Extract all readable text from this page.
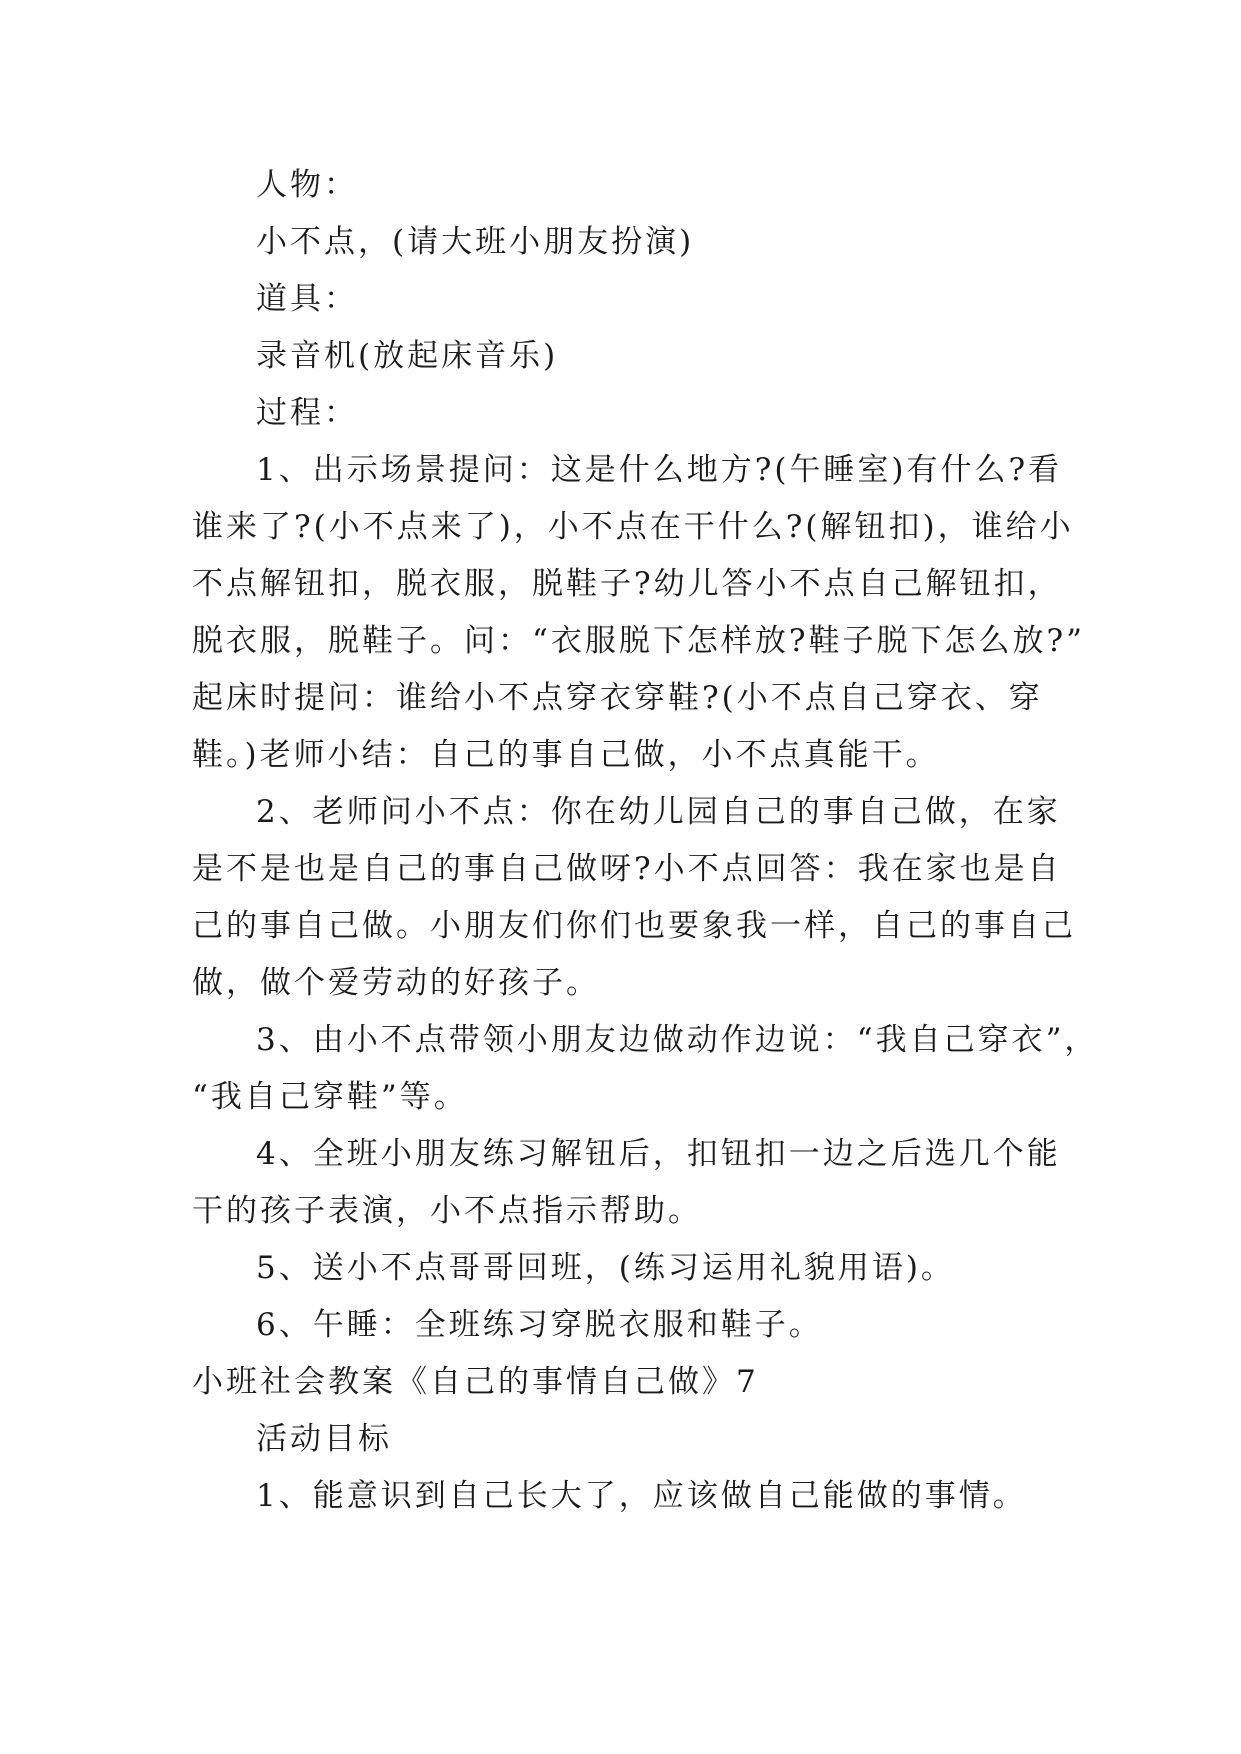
人物：
小不点，(请大班小朋友扮演)
道具：
录音机(放起床音乐)
过程：
1、出示场景提问：这是什么地方?(午睡室)有什么?看
谁来了?(小不点来了)，小不点在干什么?(解钮扣)，谁给小
不点解钮扣，脱衣服，脱鞋子?幼儿答小不点自己解钮扣，
脱衣服，脱鞋子。问：“衣服脱下怎样放?鞋子脱下怎么放?”
起床时提问：谁给小不点穿衣穿鞋?(小不点自己穿衣、穿
鞋。)老师小结：自己的事自己做，小不点真能干。
2、老师问小不点：你在幼儿园自己的事自己做，在家
是不是也是自己的事自己做呀?小不点回答：我在家也是自
己的事自己做。小朋友们你们也要象我一样，自己的事自己
做，做个爱劳动的好孩子。
3、由小不点带领小朋友边做动作边说：“我自己穿衣”，
“我自己穿鞋”等。
4、全班小朋友练习解钮后，扣钮扣一边之后选几个能
干的孩子表演，小不点指示帮助。
5、送小不点哥哥回班，(练习运用礼貌用语)。
6、午睡：全班练习穿脱衣服和鞋子。
小班社会教案《自己的事情自己做》7
活动目标
1、能意识到自己长大了，应该做自己能做的事情。
